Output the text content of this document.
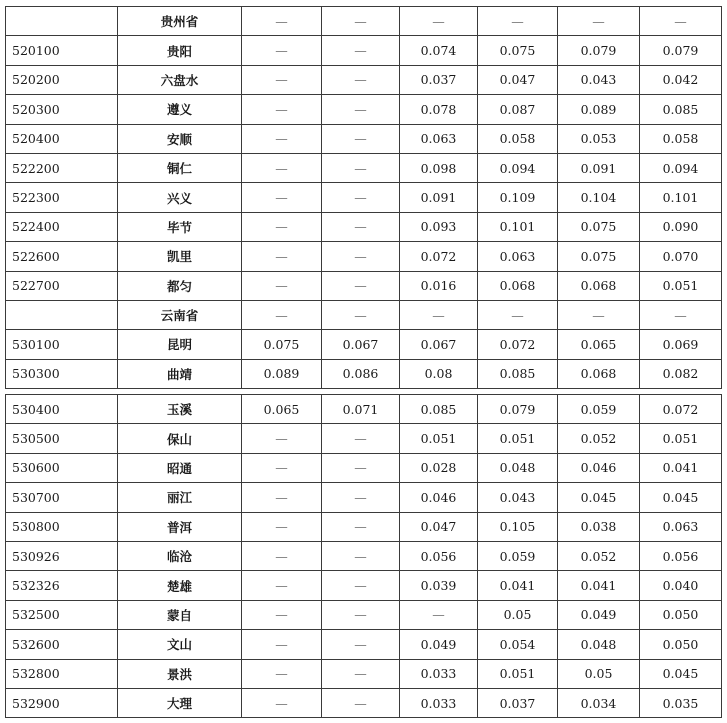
	贵州省	—	—	—	—	—	—
520100	贵阳	—	—	0.074	0.075	0.079	0.079
520200	六盘水	—	—	0.037	0.047	0.043	0.042
520300	遵义	—	—	0.078	0.087	0.089	0.085
520400	安顺	—	—	0.063	0.058	0.053	0.058
522200	铜仁	—	—	0.098	0.094	0.091	0.094
522300	兴义	—	—	0.091	0.109	0.104	0.101
522400	毕节	—	—	0.093	0.101	0.075	0.090
522600	凯里	—	—	0.072	0.063	0.075	0.070
522700	都匀	—	—	0.016	0.068	0.068	0.051
	云南省	—	—	—	—	—	—
530100	昆明	0.075	0.067	0.067	0.072	0.065	0.069
530300	曲靖	0.089	0.086	0.08	0.085	0.068	0.082
530400	玉溪	0.065	0.071	0.085	0.079	0.059	0.072
530500	保山	—	—	0.051	0.051	0.052	0.051
530600	昭通	—	—	0.028	0.048	0.046	0.041
530700	丽江	—	—	0.046	0.043	0.045	0.045
530800	普洱	—	—	0.047	0.105	0.038	0.063
530926	临沧	—	—	0.056	0.059	0.052	0.056
532326	楚雄	—	—	0.039	0.041	0.041	0.040
532500	蒙自	—	—	—	0.05	0.049	0.050
532600	文山	—	—	0.049	0.054	0.048	0.050
532800	景洪	—	—	0.033	0.051	0.05	0.045
532900	大理	—	—	0.033	0.037	0.034	0.035
